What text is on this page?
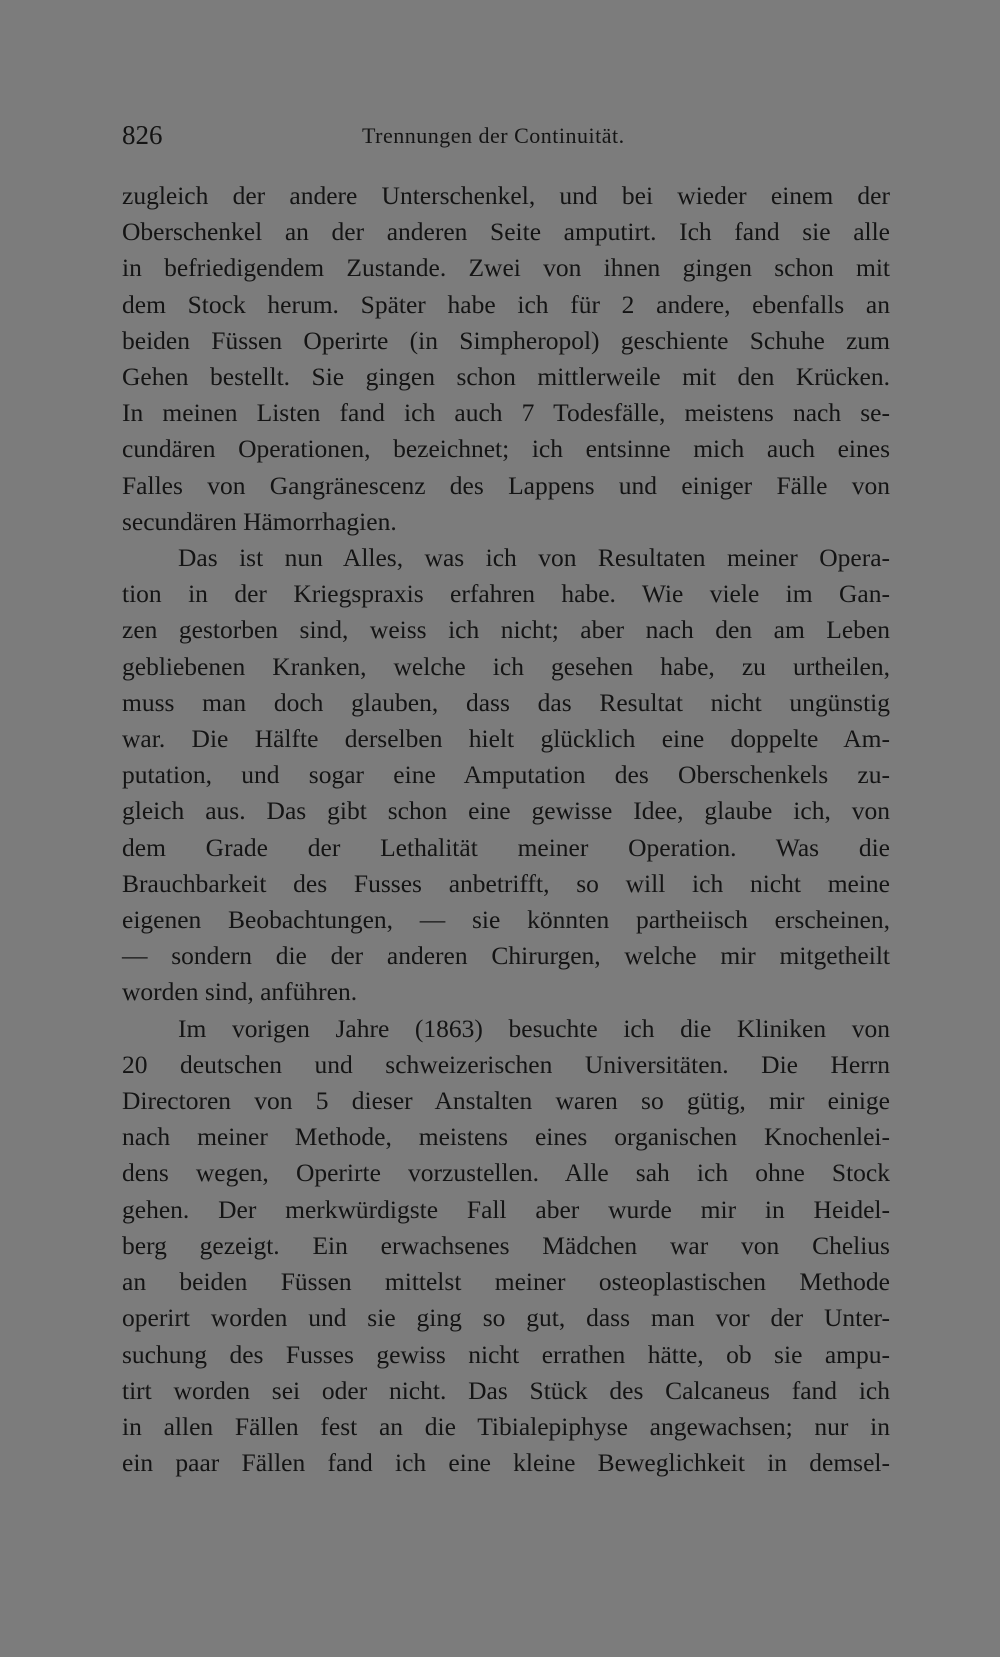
826	Trennungen der Continuität.
zugleich der andere Unterschenkel, und bei wieder einem der
Oberschenkel an der anderen Seite amputirt. Ich fand sie alle
in befriedigendem Zustande. Zwei von ihnen gingen schon mit
dem Stock herum. Später habe ich für 2 andere, ebenfalls an
beiden Füssen Operirte (in Simpheropol) geschiente Schuhe zum
Gehen bestellt. Sie gingen schon mittlerweile mit den Krücken.
In meinen Listen fand ich auch 7 Todesfälle, meistens nach se-
cundären Operationen, bezeichnet; ich entsinne mich auch eines
Falles von Gangränescenz des Lappens und einiger Fälle von
secundären Hämorrhagien.
Das ist nun Alles, was ich von Resultaten meiner Opera-
tion in der Kriegspraxis erfahren habe. Wie viele im Gan-
zen gestorben sind, weiss ich nicht; aber nach den am Leben
gebliebenen Kranken, welche ich gesehen habe, zu urtheilen,
muss man doch glauben, dass das Resultat nicht ungünstig
war. Die Hälfte derselben hielt glücklich eine doppelte Am-
putation, und sogar eine Amputation des Oberschenkels zu-
gleich aus. Das gibt schon eine gewisse Idee, glaube ich, von
dem Grade der Lethalität meiner Operation. Was die
Brauchbarkeit des Fusses anbetrifft, so will ich nicht meine
eigenen Beobachtungen, — sie könnten partheiisch erscheinen,
— sondern die der anderen Chirurgen, welche mir mitgetheilt
worden sind, anführen.
Im vorigen Jahre (1863) besuchte ich die Kliniken von
20 deutschen und schweizerischen Universitäten. Die Herrn
Directoren von 5 dieser Anstalten waren so gütig, mir einige
nach meiner Methode, meistens eines organischen Knochenlei-
dens wegen, Operirte vorzustellen. Alle sah ich ohne Stock
gehen. Der merkwürdigste Fall aber wurde mir in Heidel-
berg gezeigt. Ein erwachsenes Mädchen war von Chelius
an beiden Füssen mittelst meiner osteoplastischen Methode
operirt worden und sie ging so gut, dass man vor der Unter-
suchung des Fusses gewiss nicht errathen hätte, ob sie ampu-
tirt worden sei oder nicht. Das Stück des Calcaneus fand ich
in allen Fällen fest an die Tibialepiphyse angewachsen; nur in
ein paar Fällen fand ich eine kleine Beweglichkeit in demsel-
